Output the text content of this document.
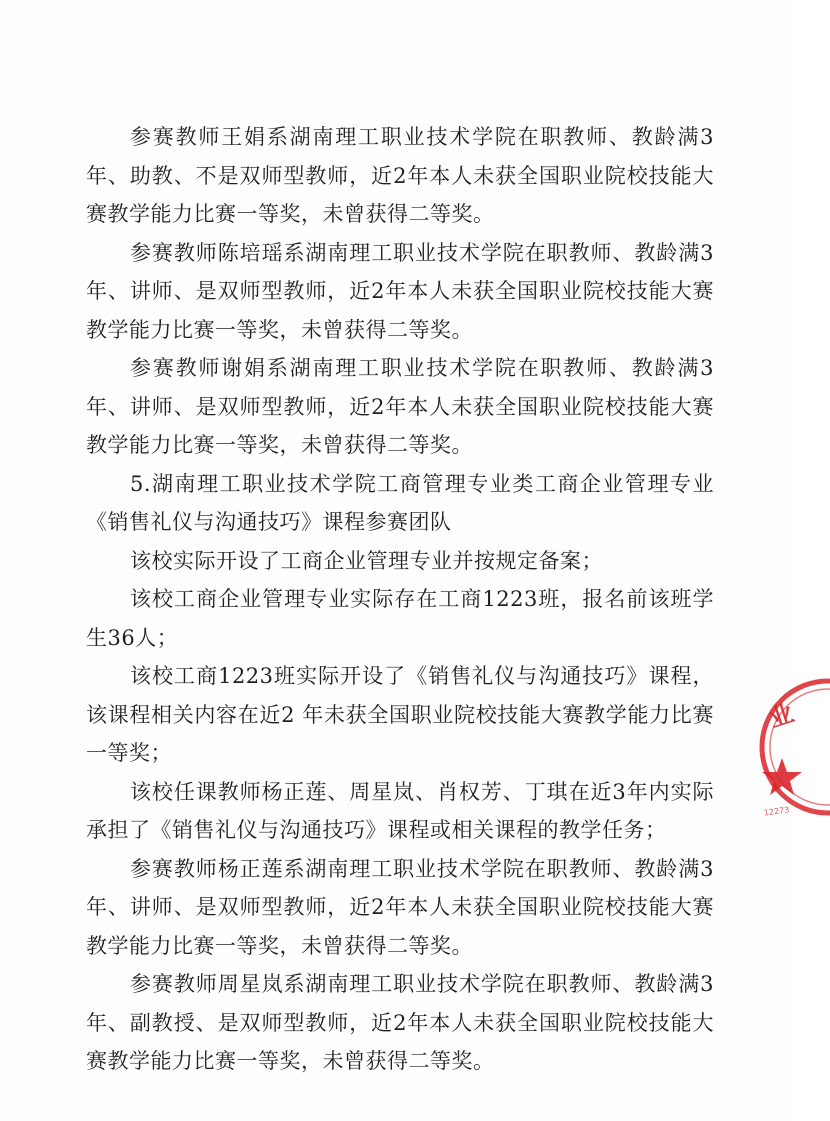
参赛教师王娟系湖南理工职业技术学院在职教师、教龄满3年、助教、不是双师型教师，近2年本人未获全国职业院校技能大赛教学能力比赛一等奖，未曾获得二等奖。

参赛教师陈培瑶系湖南理工职业技术学院在职教师、教龄满3年、讲师、是双师型教师，近2年本人未获全国职业院校技能大赛教学能力比赛一等奖，未曾获得二等奖。

参赛教师谢娟系湖南理工职业技术学院在职教师、教龄满3年、讲师、是双师型教师，近2年本人未获全国职业院校技能大赛教学能力比赛一等奖，未曾获得二等奖。

5.湖南理工职业技术学院工商管理专业类工商企业管理专业《销售礼仪与沟通技巧》课程参赛团队

该校实际开设了工商企业管理专业并按规定备案；

该校工商企业管理专业实际存在工商1223班，报名前该班学生36人；

该校工商1223班实际开设了《销售礼仪与沟通技巧》课程，该课程相关内容在近2 年未获全国职业院校技能大赛教学能力比赛一等奖；

该校任课教师杨正莲、周星岚、肖权芳、丁琪在近3年内实际承担了《销售礼仪与沟通技巧》课程或相关课程的教学任务；

参赛教师杨正莲系湖南理工职业技术学院在职教师、教龄满3年、讲师、是双师型教师，近2年本人未获全国职业院校技能大赛教学能力比赛一等奖，未曾获得二等奖。

参赛教师周星岚系湖南理工职业技术学院在职教师、教龄满3年、副教授、是双师型教师，近2年本人未获全国职业院校技能大赛教学能力比赛一等奖，未曾获得二等奖。

业
12273
